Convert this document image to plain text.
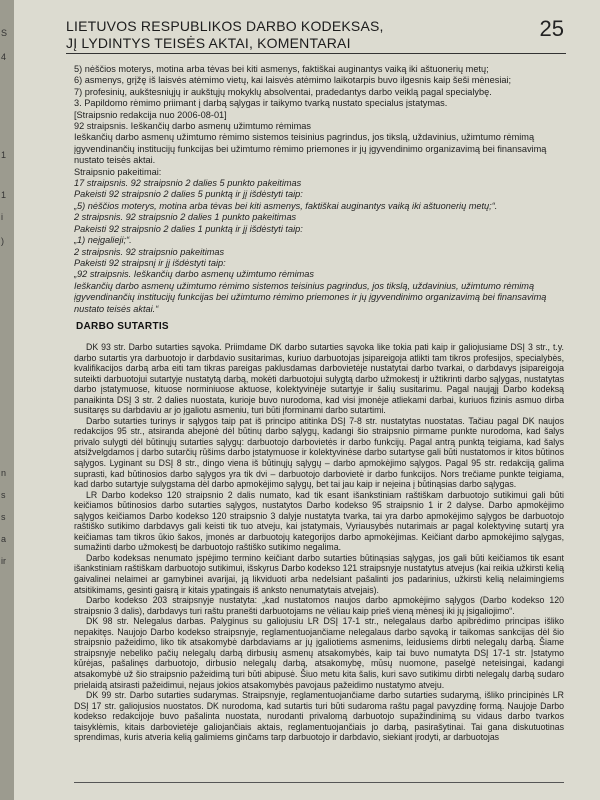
S
4
1
1
i
)
n
s
s
a
ir
LIETUVOS RESPUBLIKOS DARBO KODEKSAS,
JĮ LYDINTYS TEISĖS AKTAI, KOMENTARAI
25

5) nėščios moterys, motina arba tėvas bei kiti asmenys, faktiškai auginantys vaiką iki aštuonerių metų;

6) asmenys, grįžę iš laisvės atėmimo vietų, kai laisvės atėmimo laikotarpis buvo ilgesnis kaip šeši mėnesiai;

7) profesinių, aukštesniųjų ir aukštųjų mokyklų absolventai, pradedantys darbo veiklą pagal specialybę.

3. Papildomo rėmimo priimant į darbą sąlygas ir taikymo tvarką nustato specialus įstatymas.

[Straipsnio redakcija nuo 2006-08-01]

92 straipsnis. Ieškančių darbo asmenų užimtumo rėmimas

Ieškančių darbo asmenų užimtumo rėmimo sistemos teisinius pagrindus, jos tikslą, uždavinius, užimtumo rėmimą įgyvendinančių institucijų funkcijas bei užimtumo rėmimo priemones ir jų įgyvendinimo organizavimą bei finansavimą nustato teisės aktai.

Straipsnio pakeitimai:

17 straipsnis. 92 straipsnio 2 dalies 5 punkto pakeitimas

Pakeisti 92 straipsnio 2 dalies 5 punktą ir jį išdėstyti taip:

„5) nėščios moterys, motina arba tėvas bei kiti asmenys, faktiškai auginantys vaiką iki aštuonerių metų;“.

2 straipsnis. 92 straipsnio 2 dalies 1 punkto pakeitimas

Pakeisti 92 straipsnio 2 dalies 1 punktą ir jį išdėstyti taip:

„1) neįgalieji;“.

2 straipsnis. 92 straipsnio pakeitimas

Pakeisti 92 straipsnį ir jį išdėstyti taip:

„92 straipsnis. Ieškančių darbo asmenų užimtumo rėmimas

Ieškančių darbo asmenų užimtumo rėmimo sistemos teisinius pagrindus, jos tikslą, uždavinius, užimtumo rėmimą įgyvendinančių institucijų funkcijas bei užimtumo rėmimo priemones ir jų įgyvendinimo organizavimą bei finansavimą nustato teisės aktai.“

DARBO SUTARTIS

DK 93 str. Darbo sutarties sąvoka. Priimdame DK darbo sutarties sąvoka like tokia pati kaip ir galiojusiame DSĮ 3 str., t.y. darbo sutartis yra darbuotojo ir darbdavio susitarimas, kuriuo darbuotojas įsipareigoja atlikti tam tikros profesijos, specialybės, kvalifikacijos darbą arba eiti tam tikras pareigas paklusdamas darbovietėje nustatytai darbo tvarkai, o darbdavys įsipareigoja suteikti darbuotojui sutartyje nustatytą darbą, mokėti darbuotojui sulygtą darbo užmokestį ir užtikrinti darbo sąlygas, nustatytas darbo įstatymuose, kituose norminiuose aktuose, kolektyvinėje sutartyje ir šalių susitarimu. Pagal naująjį Darbo kodeksą panaikinta DSĮ 3 str. 2 dalies nuostata, kurioje buvo nurodoma, kad visi įmonėje atliekami darbai, kuriuos fizinis asmuo dirba susitaręs su darbdaviu ar jo įgaliotu asmeniu, turi būti įforminami darbo sutartimi.

Darbo sutarties turinys ir sąlygos taip pat iš principo atitinka DSĮ 7-8 str. nustatytas nuostatas. Tačiau pagal DK naujos redakcijos 95 str., atsiranda abejonė dėl būtinų darbo sąlygų, kadangi šio straipsnio pirmame punkte nurodoma, kad šalys privalo sulygti dėl būtinųjų sutarties sąlygų: darbuotojo darbovietės ir darbo funkcijų. Pagal antrą punktą teigiama, kad šalys atsižvelgdamos į darbo sutarčių rūšims darbo įstatymuose ir kolektyvinėse darbo sutartyse gali būti nustatomos ir kitos būtinos sąlygos. Lyginant su DSĮ 8 str., dingo viena iš būtinųjų sąlygų – darbo apmokėjimo sąlygos. Pagal 95 str. redakciją galima suprasti, kad būtinosios darbo sąlygos yra tik dvi – darbuotojo darbovietė ir darbo funkcijos. Nors trečiame punkte teigiama, kad darbo sutartyje sulygstama dėl darbo apmokėjimo sąlygų, bet tai jau kaip ir neįeina į būtinąsias darbo sąlygas.

LR Darbo kodekso 120 straipsnio 2 dalis numato, kad tik esant išankstiniam raštiškam darbuotojo sutikimui gali būti keičiamos būtinosios darbo sutarties sąlygos, nustatytos Darbo kodekso 95 straipsnio 1 ir 2 dalyse. Darbo apmokėjimo sąlygos keičiamos Darbo kodekso 120 straipsnio 3 dalyje nustatyta tvarka, tai yra darbo apmokėjimo sąlygos be darbuotojo raštiško sutikimo darbdavys gali keisti tik tuo atveju, kai įstatymais, Vyriausybės nutarimais ar pagal kolektyvinę sutartį yra keičiamas tam tikros ūkio šakos, įmonės ar darbuotojų kategorijos darbo apmokėjimas. Keičiant darbo apmokėjimo sąlygas, sumažinti darbo užmokestį be darbuotojo raštiško sutikimo negalima.

Darbo kodeksas nenumato įspėjimo termino keičiant darbo sutarties būtinąsias sąlygas, jos gali būti keičiamos tik esant išankstiniam raštiškam darbuotojo sutikimui, išskyrus Darbo kodekso 121 straipsnyje nustatytus atvejus (kai reikia užkirsti kelią gaivalinei nelaimei ar gamybinei avarijai, ją likviduoti arba nedelsiant pašalinti jos padarinius, užkirsti kelią nelaimingiems atsitikimams, gesinti gaisrą ir kitais ypatingais iš anksto nenumatytais atvejais).

Darbo kodekso 203 straipsnyje nustatyta: „kad nustatomos naujos darbo apmokėjimo sąlygos (Darbo kodekso 120 straipsnio 3 dalis), darbdavys turi raštu pranešti darbuotojams ne vėliau kaip prieš vieną mėnesį iki jų įsigaliojimo“.

DK 98 str. Nelegalus darbas. Palyginus su galiojusiu LR DSĮ 17-1 str., nelegalaus darbo apibrėdimo principas išliko nepakitęs. Naujojo Darbo kodekso straipsnyje, reglamentuojančiame nelegalaus darbo sąvoką ir taikomas sankcijas dėl šio straipsnio pažeidimo, liko tik atsakomybė darbdaviams ar jų įgaliotiems asmenims, leidusiems dirbti nelegalų darbą. Šiame straipsnyje nebeliko pačių nelegalų darbą dirbusių asmenų atsakomybės, kaip tai buvo numatyta DSĮ 17-1 str. Įstatymo kūrėjas, pašalinęs darbuotojo, dirbusio nelegalų darbą, atsakomybę, mūsų nuomone, paselgė neteisingai, kadangi atsakomybė už šio straipsnio pažeidimą turi būti abipusė. Šiuo metu kita šalis, kuri savo sutikimu dirbti nelegalų darbą sudaro prielaidą atsirasti pažeidimui, nejaus jokios atsakomybės pavojaus pažeidimo nustatymo atveju.

DK 99 str. Darbo sutarties sudarymas. Straipsnyje, reglamentuojančiame darbo sutarties sudarymą, išliko principinės LR DSĮ 17 str. galiojusios nuostatos. DK nurodoma, kad sutartis turi būti sudaroma raštu pagal pavyzdinę formą. Naujoje Darbo kodekso redakcijoje buvo pašalinta nuostata, nurodanti privalomą darbuotojo supažindinimą su vidaus darbo tvarkos taisyklėmis, kitais darbovietėje galiojančiais aktais, reglamentuojančiais jo darbą, pasirašytinai. Tai gana diskutuotinas sprendimas, kuris atveria kelią galimiems ginčams tarp darbuotojo ir darbdavio, siekiant įrodyti, ar darbuotojas
